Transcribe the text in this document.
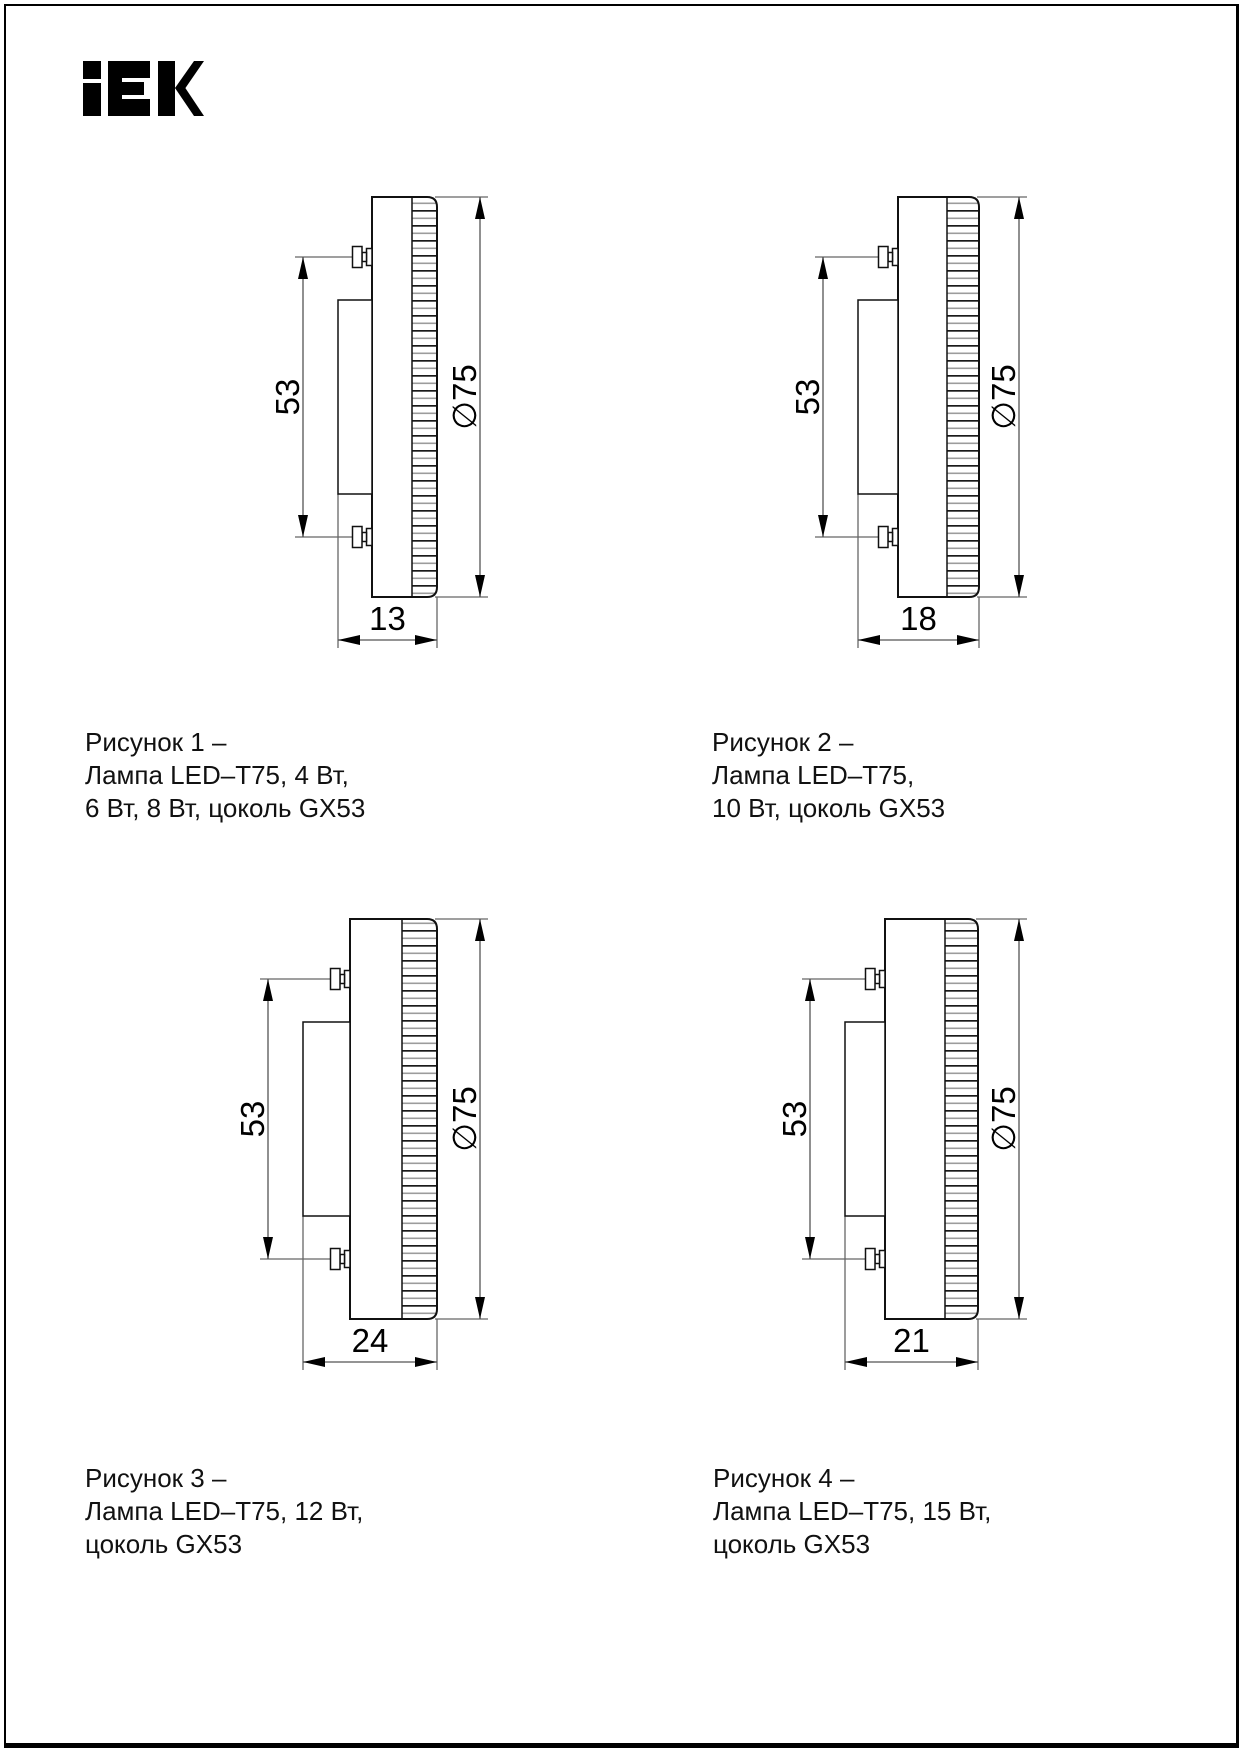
53	∅75
13
53	∅75
18
53	∅75
24
53	∅75
21
Рисунок 1 –
Лампа LED–T75, 4 Вт,
6 Вт, 8 Вт, цоколь GX53
Рисунок 2 –
Лампа LED–T75,
10 Вт, цоколь GX53
Рисунок 3 –
Лампа LED–T75, 12 Вт,
цоколь GX53
Рисунок 4 –
Лампа LED–T75, 15 Вт,
цоколь GX53
